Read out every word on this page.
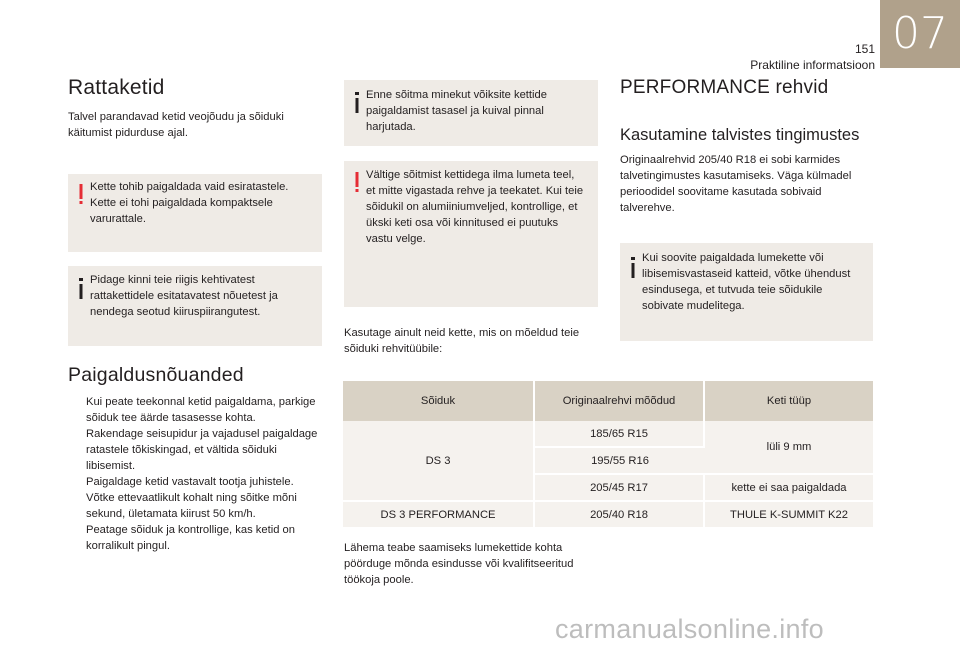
151
Praktiline informatsioon
07
Rattaketid

Talvel parandavad ketid veojõudu ja sõiduki käitumist pidurduse ajal.

Kette tohib paigaldada vaid esiratastele. Kette ei tohi paigaldada kompaktsele varurattale.
Pidage kinni teie riigis kehtivatest rattakettidele esitatavatest nõuetest ja nendega seotud kiiruspiirangutest.
Paigaldusnõuanded
Kui peate teekonnal ketid paigaldama, parkige sõiduk tee äärde tasasesse kohta.
Rakendage seisupidur ja vajadusel paigaldage ratastele tõkiskingad, et vältida sõiduki libisemist.
Paigaldage ketid vastavalt tootja juhistele.
Võtke ettevaatlikult kohalt ning sõitke mõni sekund, ületamata kiirust 50 km/h.
Peatage sõiduk ja kontrollige, kas ketid on korralikult pingul.
Enne sõitma minekut võiksite kettide paigaldamist tasasel ja kuival pinnal harjutada.
Vältige sõitmist kettidega ilma lumeta teel, et mitte vigastada rehve ja teekatet. Kui teie sõidukil on alumiiniumveljed, kontrollige, et ükski keti osa või kinnitused ei puutuks vastu velge.

Kasutage ainult neid kette, mis on mõeldud teie sõiduki rehvitüübile:

Sõiduk	Originaalrehvi mõõdud	Keti tüüp
DS 3	185/65 R15	lüli 9 mm
	195/55 R16	
	205/45 R17	kette ei saa paigaldada
DS 3 PERFORMANCE	205/40 R18	THULE K-SUMMIT K22

Lähema teabe saamiseks lumekettide kohta pöörduge mõnda esindusse või kvalifitseeritud töökoja poole.

PERFORMANCE rehvid
Kasutamine talvistes tingimustes

Originaalrehvid 205/40 R18 ei sobi karmides talvetingimustes kasutamiseks. Väga külmadel perioodidel soovitame kasutada sobivaid talverehve.

Kui soovite paigaldada lumekette või libisemisvastaseid katteid, võtke ühendust esindusega, et tutvuda teie sõidukile sobivate mudelitega.
carmanualsonline.info
